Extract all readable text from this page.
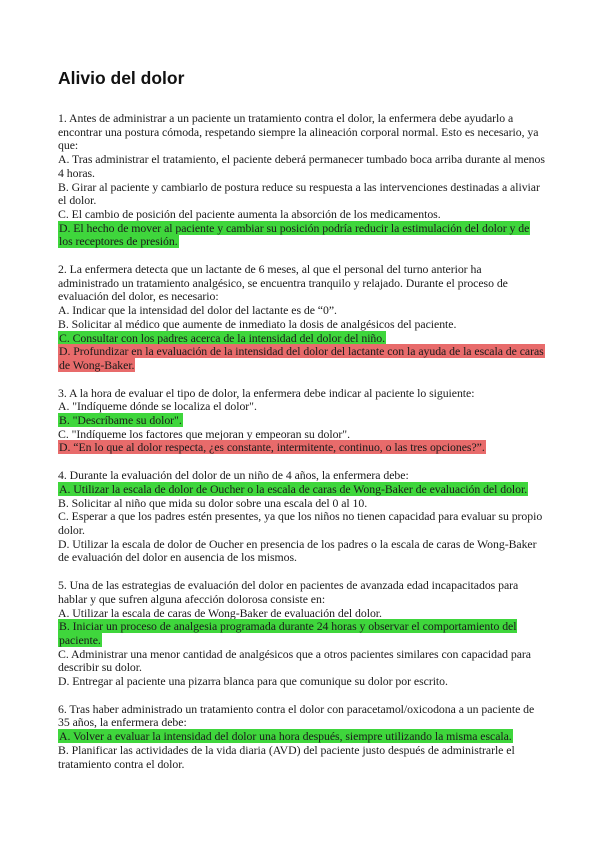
Alivio del dolor
1. Antes de administrar a un paciente un tratamiento contra el dolor, la enfermera debe ayudarlo a encontrar una postura cómoda, respetando siempre la alineación corporal normal. Esto es necesario, ya que:
A. Tras administrar el tratamiento, el paciente deberá permanecer tumbado boca arriba durante al menos 4 horas.
B. Girar al paciente y cambiarlo de postura reduce su respuesta a las intervenciones destinadas a aliviar el dolor.
C. El cambio de posición del paciente aumenta la absorción de los medicamentos.
D. El hecho de mover al paciente y cambiar su posición podría reducir la estimulación del dolor y de los receptores de presión.
2. La enfermera detecta que un lactante de 6 meses, al que el personal del turno anterior ha administrado un tratamiento analgésico, se encuentra tranquilo y relajado. Durante el proceso de evaluación del dolor, es necesario:
A. Indicar que la intensidad del dolor del lactante es de “0”.
B. Solicitar al médico que aumente de inmediato la dosis de analgésicos del paciente.
C. Consultar con los padres acerca de la intensidad del dolor del niño.
D. Profundizar en la evaluación de la intensidad del dolor del lactante con la ayuda de la escala de caras de Wong-Baker.
3. A la hora de evaluar el tipo de dolor, la enfermera debe indicar al paciente lo siguiente:
A. "Indíqueme dónde se localiza el dolor".
B. "Descríbame su dolor".
C. "Indíqueme los factores que mejoran y empeoran su dolor".
D. “En lo que al dolor respecta, ¿es constante, intermitente, continuo, o las tres opciones?”.
4. Durante la evaluación del dolor de un niño de 4 años, la enfermera debe:
A. Utilizar la escala de dolor de Oucher o la escala de caras de Wong-Baker de evaluación del dolor.
B. Solicitar al niño que mida su dolor sobre una escala del 0 al 10.
C. Esperar a que los padres estén presentes, ya que los niños no tienen capacidad para evaluar su propio dolor.
D. Utilizar la escala de dolor de Oucher en presencia de los padres o la escala de caras de Wong-Baker de evaluación del dolor en ausencia de los mismos.
5. Una de las estrategias de evaluación del dolor en pacientes de avanzada edad incapacitados para hablar y que sufren alguna afección dolorosa consiste en:
A. Utilizar la escala de caras de Wong-Baker de evaluación del dolor.
B. Iniciar un proceso de analgesia programada durante 24 horas y observar el comportamiento del paciente.
C. Administrar una menor cantidad de analgésicos que a otros pacientes similares con capacidad para describir su dolor.
D. Entregar al paciente una pizarra blanca para que comunique su dolor por escrito.
6. Tras haber administrado un tratamiento contra el dolor con paracetamol/oxicodona a un paciente de 35 años, la enfermera debe:
A. Volver a evaluar la intensidad del dolor una hora después, siempre utilizando la misma escala.
B. Planificar las actividades de la vida diaria (AVD) del paciente justo después de administrarle el tratamiento contra el dolor.
